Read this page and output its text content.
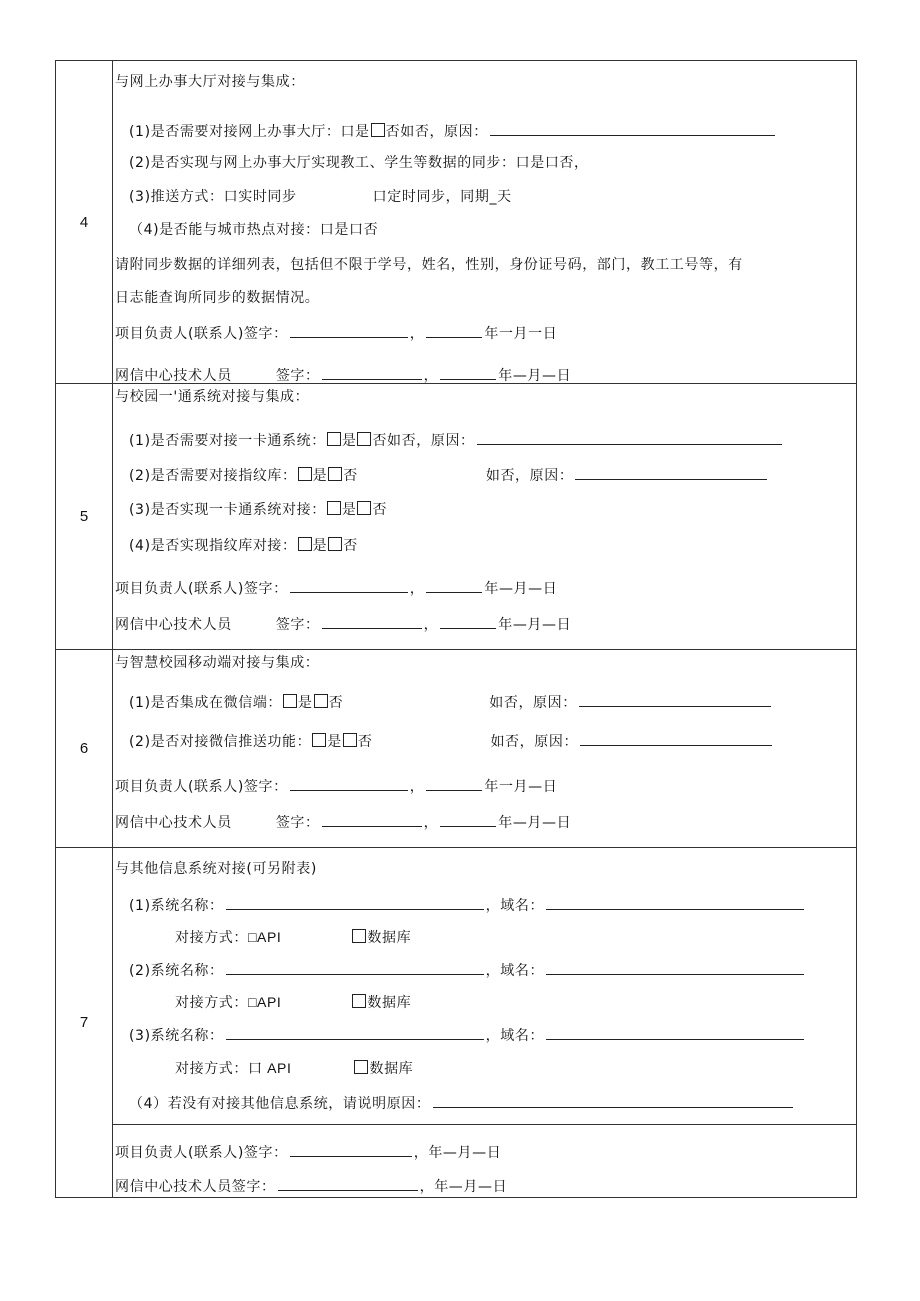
4
与网上办事大厅对接与集成：
(1)是否需要对接网上办事大厅：口是 否如否，原因：
(2)是否实现与网上办事大厅实现教工、学生等数据的同步：口是口否，
(3)推送方式：口实时同步	口定时同步，同期_天
（4)是否能与城市热点对接：口是口否
请附同步数据的详细列表，包括但不限于学号，姓名，性别，身份证号码，部门，教工工号等，有
日志能查询所同步的数据情况。
项目负责人(联系人)签字：	，	年一月一日
网信中心技术人员	签字：	，	年—月—日
5
与校园一'通系统对接与集成：
(1)是否需要对接一卡通系统： 是 否如否，原因：
(2)是否需要对接指纹库： 是 否	如否，原因：
(3)是否实现一卡通系统对接： 是 否
(4)是否实现指纹库对接： 是 否
项目负责人(联系人)签字：	，	年—月—日
网信中心技术人员	签字：	，	年—月—日
6
与智慧校园移动端对接与集成：
(1)是否集成在微信端： 是 否	如否，原因：
(2)是否对接微信推送功能： 是 否	如否，原因：
项目负责人(联系人)签字：	，	年一月—日
网信中心技术人员	签字：	，	年—月—日
7
与其他信息系统对接(可另附表)
(1)系统名称：	，域名：
对接方式：□API	数据库
(2)系统名称：	，域名：
对接方式：□API	数据库
(3)系统名称：	，域名：
对接方式：口 API	数据库
（4）若没有对接其他信息系统，请说明原因：
项目负责人(联系人)签字：	，年—月—日
网信中心技术人员签字：	，年—月—日
